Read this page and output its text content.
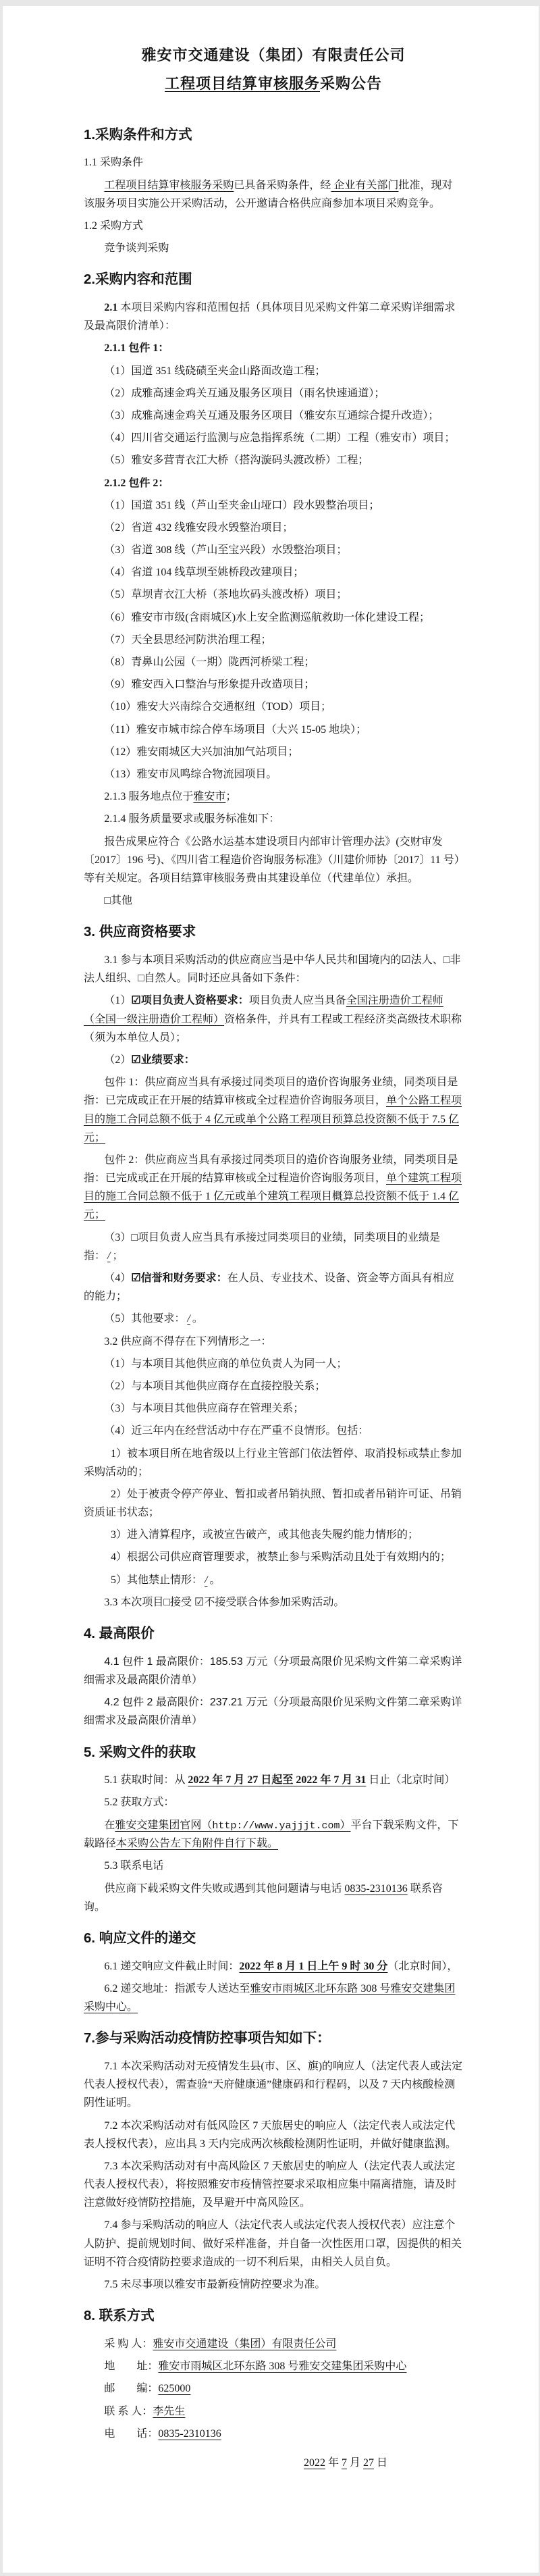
雅安市交通建设（集团）有限责任公司
工程项目结算审核服务采购公告
1.采购条件和方式
1.1 采购条件
工程项目结算审核服务采购已具备采购条件，经 企业有关部门批准，现对该服务项目实施公开采购活动，公开邀请合格供应商参加本项目采购竞争。
1.2 采购方式
竞争谈判采购
2.采购内容和范围
2.1 本项目采购内容和范围包括（具体项目见采购文件第二章采购详细需求及最高限价清单）：
2.1.1 包件 1：
（1）国道 351 线硗碛至夹金山路面改造工程；
（2）成雅高速金鸡关互通及服务区项目（雨名快速通道）；
（3）成雅高速金鸡关互通及服务区项目（雅安东互通综合提升改造）；
（4）四川省交通运行监测与应急指挥系统（二期）工程（雅安市）项目；
（5）雅安多营青衣江大桥（搭沟漩码头渡改桥）工程；
2.1.2 包件 2：
（1）国道 351 线（芦山至夹金山垭口）段水毁整治项目；
（2）省道 432 线雅安段水毁整治项目；
（3）省道 308 线（芦山至宝兴段）水毁整治项目；
（4）省道 104 线草坝至姚桥段改建项目；
（5）草坝青衣江大桥（茶地坎码头渡改桥）项目；
（6）雅安市市级(含雨城区)水上安全监测巡航救助一体化建设工程；
（7）天全县思经河防洪治理工程；
（8）青鼻山公园（一期）陇西河桥梁工程；
（9）雅安西入口整治与形象提升改造项目；
（10）雅安大兴南综合交通枢纽（TOD）项目；
（11）雅安市城市综合停车场项目（大兴 15-05 地块）；
（12）雅安雨城区大兴加油加气站项目；
（13）雅安市凤鸣综合物流园项目。
2.1.3 服务地点位于雅安市；
2.1.4 服务质量要求或服务标准如下：
报告成果应符合《公路水运基本建设项目内部审计管理办法》(交财审发〔2017〕196 号)、《四川省工程造价咨询服务标准》（川建价师协〔2017〕11 号）等有关规定。各项目结算审核服务费由其建设单位（代建单位）承担。
□其他
3. 供应商资格要求
3.1 参与本项目采购活动的供应商应当是中华人民共和国境内的☑法人、□非法人组织、□自然人。同时还应具备如下条件：
（1）☑项目负责人资格要求：项目负责人应当具备全国注册造价工程师（全国一级注册造价工程师）资格条件，并具有工程或工程经济类高级技术职称（须为本单位人员）；
（2）☑业绩要求：
包件 1：供应商应当具有承接过同类项目的造价咨询服务业绩，同类项目是指：已完成或正在开展的结算审核或全过程造价咨询服务项目，单个公路工程项目的施工合同总额不低于 4 亿元或单个公路工程项目预算总投资额不低于 7.5 亿元；
包件 2：供应商应当具有承接过同类项目的造价咨询服务业绩，同类项目是指：已完成或正在开展的结算审核或全过程造价咨询服务项目，单个建筑工程项目的施工合同总额不低于 1 亿元或单个建筑工程项目概算总投资额不低于 1.4 亿元；
（3）□项目负责人应当具有承接过同类项目的业绩，同类项目的业绩是指： / ；
（4）☑信誉和财务要求：在人员、专业技术、设备、资金等方面具有相应的能力；
（5）其他要求： / 。
3.2 供应商不得存在下列情形之一：
（1）与本项目其他供应商的单位负责人为同一人；
（2）与本项目其他供应商存在直接控股关系；
（3）与本项目其他供应商存在管理关系；
（4）近三年内在经营活动中存在严重不良情形。包括：
1）被本项目所在地省级以上行业主管部门依法暂停、取消投标或禁止参加采购活动的；
2）处于被责令停产停业、暂扣或者吊销执照、暂扣或者吊销许可证、吊销资质证书状态；
3）进入清算程序，或被宣告破产，或其他丧失履约能力情形的；
4）根据公司供应商管理要求，被禁止参与采购活动且处于有效期内的；
5）其他禁止情形： / 。
3.3 本次项目□接受 ☑不接受联合体参加采购活动。
4. 最高限价
4.1 包件 1 最高限价：185.53 万元（分项最高限价见采购文件第二章采购详细需求及最高限价清单）
4.2 包件 2 最高限价：237.21 万元（分项最高限价见采购文件第二章采购详细需求及最高限价清单）
5. 采购文件的获取
5.1 获取时间：从 2022 年 7 月 27 日起至 2022 年 7 月 31 日止（北京时间）
5.2 获取方式：
在雅安交建集团官网（http://www.yajjjt.com）平台下载采购文件，下载路径本采购公告左下角附件自行下载。
5.3 联系电话
供应商下载采购文件失败或遇到其他问题请与电话 0835-2310136 联系咨询。
6. 响应文件的递交
6.1 递交响应文件截止时间：2022 年 8 月 1 日上午 9 时 30 分（北京时间），
6.2 递交地址：指派专人送达至雅安市雨城区北环东路 308 号雅安交建集团采购中心。
7.参与采购活动疫情防控事项告知如下：
7.1 本次采购活动对无疫情发生县(市、区、旗)的响应人（法定代表人或法定代表人授权代表），需查验“天府健康通”健康码和行程码，以及 7 天内核酸检测阴性证明。
7.2 本次采购活动对有低风险区 7 天旅居史的响应人（法定代表人或法定代表人授权代表），应出具 3 天内完成两次核酸检测阴性证明，并做好健康监测。
7.3 本次采购活动对有中高风险区 7 天旅居史的响应人（法定代表人或法定代表人授权代表），将按照雅安市疫情管控要求采取相应集中隔离措施，请及时注意做好疫情防控措施，及早避开中高风险区。
7.4 参与采购活动的响应人（法定代表人或法定代表人授权代表）应注意个人防护、提前规划时间、做好采样准备，并自备一次性医用口罩，因提供的相关证明不符合疫情防控要求造成的一切不利后果，由相关人员自负。
7.5 未尽事项以雅安市最新疫情防控要求为准。
8. 联系方式
采 购 人：雅安市交通建设（集团）有限责任公司
地　　址：雅安市雨城区北环东路 308 号雅安交建集团采购中心
邮　　编：625000
联 系 人：李先生
电　　话：0835-2310136
2022 年 7 月 27 日
